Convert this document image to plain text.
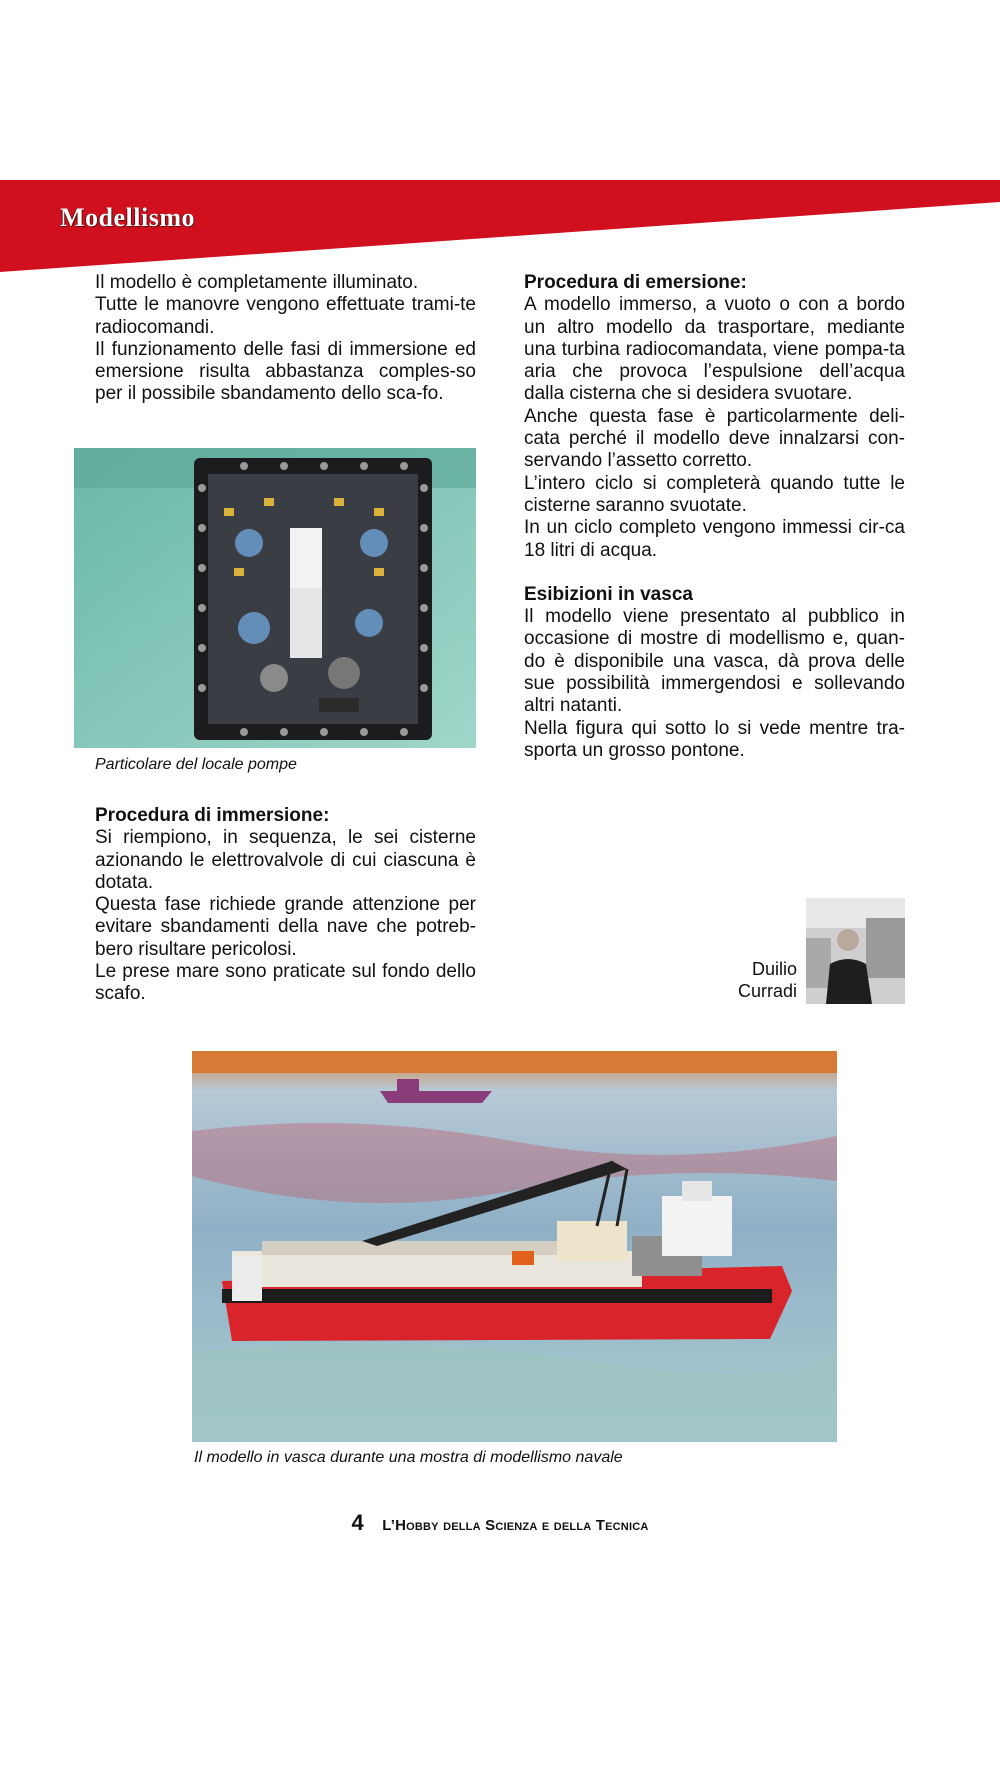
Modellismo

Il modello è completamente illuminato.

Tutte le manovre vengono effettuate trami-te radiocomandi.

Il funzionamento delle fasi di immersione ed emersione risulta abbastanza comples-so per il possibile sbandamento dello sca-fo.

Particolare del locale pompe
Procedura di immersione:

Si riempiono, in sequenza, le sei cisterne azionando le elettrovalvole di cui ciascuna è dotata.

Questa fase richiede grande attenzione per evitare sbandamenti della nave che potreb-bero risultare pericolosi.

Le prese mare sono praticate sul fondo dello scafo.

Procedura di emersione:

A modello immerso, a vuoto o con a bordo un altro modello da trasportare, mediante una turbina radiocomandata, viene pompa-ta aria che provoca l’espulsione dell’acqua dalla cisterna che si desidera svuotare.

Anche questa fase è particolarmente deli-cata perché il modello deve innalzarsi con-servando l’assetto corretto.

L’intero ciclo si completerà quando tutte le cisterne saranno svuotate.

In un ciclo completo vengono immessi cir-ca 18 litri di acqua.

Esibizioni in vasca

Il modello viene presentato al pubblico in occasione di mostre di modellismo e, quan-do è disponibile una vasca, dà prova delle sue possibilità immergendosi e sollevando altri natanti.

Nella figura qui sotto lo si vede mentre tra-sporta un grosso pontone.

Duilio
Curradi
Il modello in vasca durante una mostra di modellismo navale
4 L’Hobby della Scienza e della Tecnica
